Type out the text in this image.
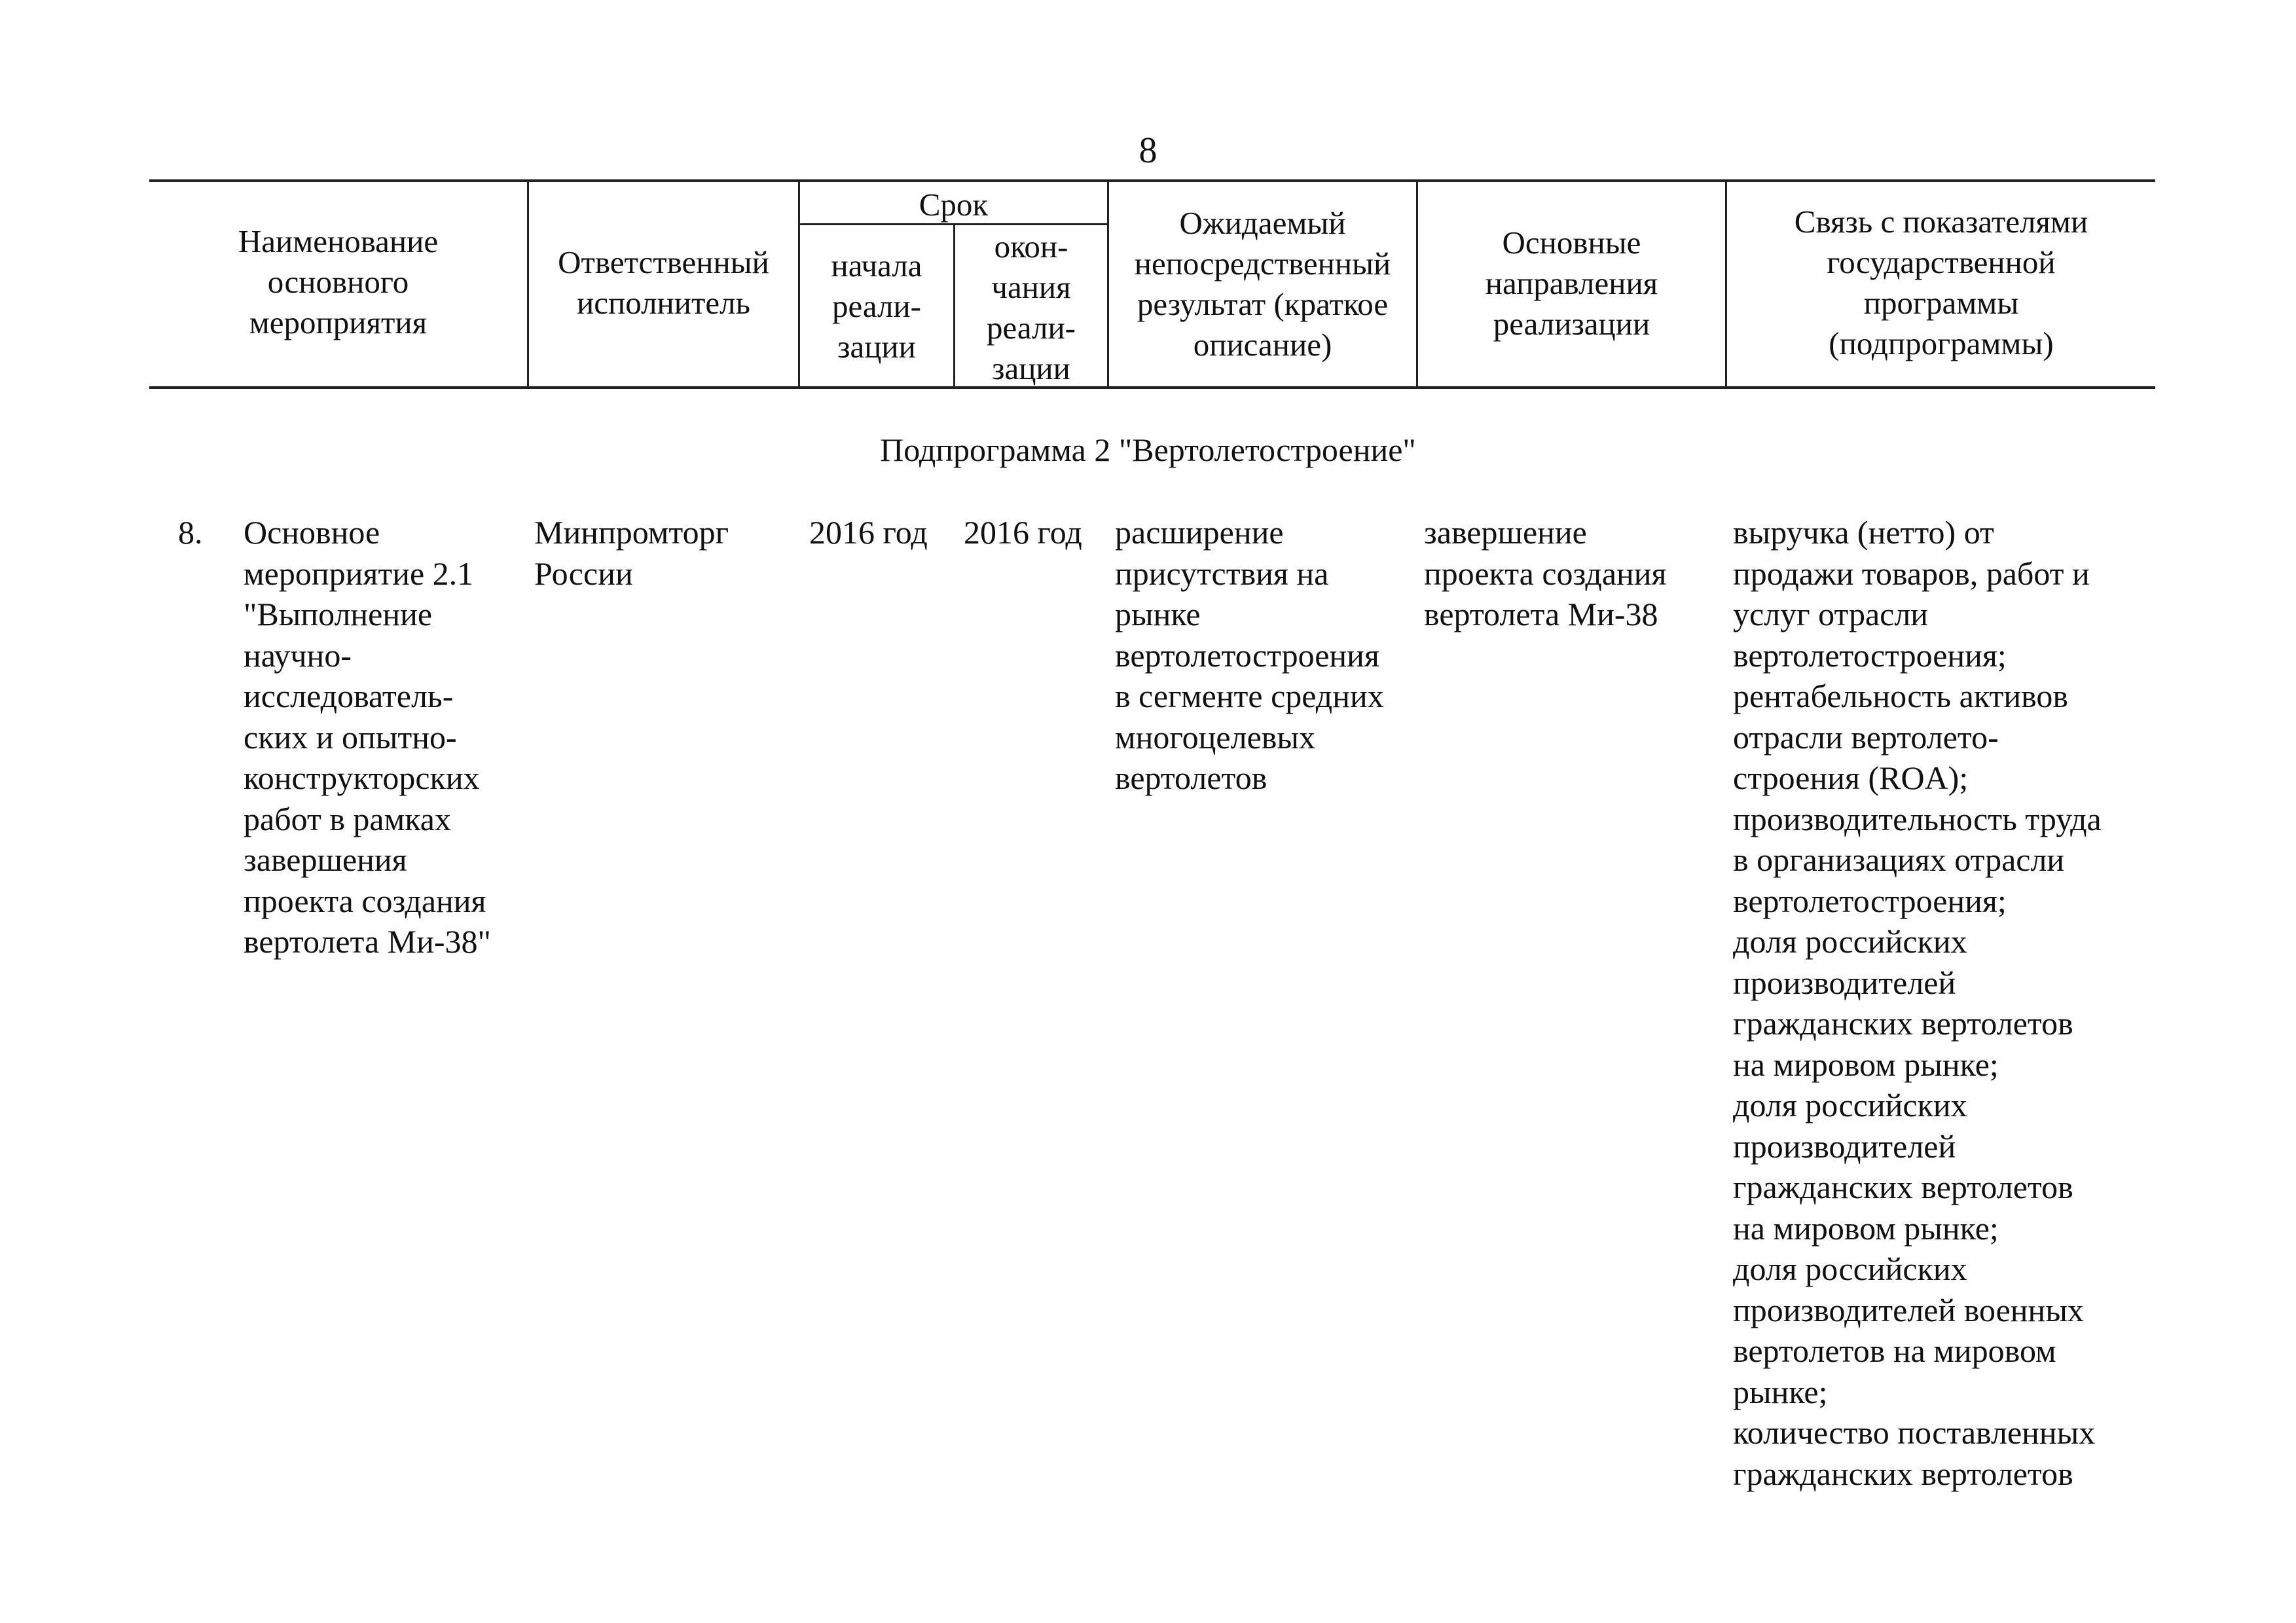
8
Наименование
основного
мероприятия
Ответственный
исполнитель
Срок
начала
реали-
зации
окон-
чания
реали-
зации
Ожидаемый
непосредственный
результат (краткое
описание)
Основные
направления
реализации
Связь с показателями
государственной
программы
(подпрограммы)
Подпрограмма 2 "Вертолетостроение"
8. Основное
мероприятие 2.1
"Выполнение
научно-
исследователь-
ских и опытно-
конструкторских
работ в рамках
завершения
проекта создания
вертолета Ми-38"
Минпромторг
России
2016 год	2016 год	расширение
присутствия на
рынке
вертолетостроения
в сегменте средних
многоцелевых
вертолетов
завершение
проекта создания
вертолета Ми-38
выручка (нетто) от
продажи товаров, работ и
услуг отрасли
вертолетостроения;
рентабельность активов
отрасли вертолето-
строения (ROA);
производительность труда
в организациях отрасли
вертолетостроения;
доля российских
производителей
гражданских вертолетов
на мировом рынке;
доля российских
производителей
гражданских вертолетов
на мировом рынке;
доля российских
производителей военных
вертолетов на мировом
рынке;
количество поставленных
гражданских вертолетов
